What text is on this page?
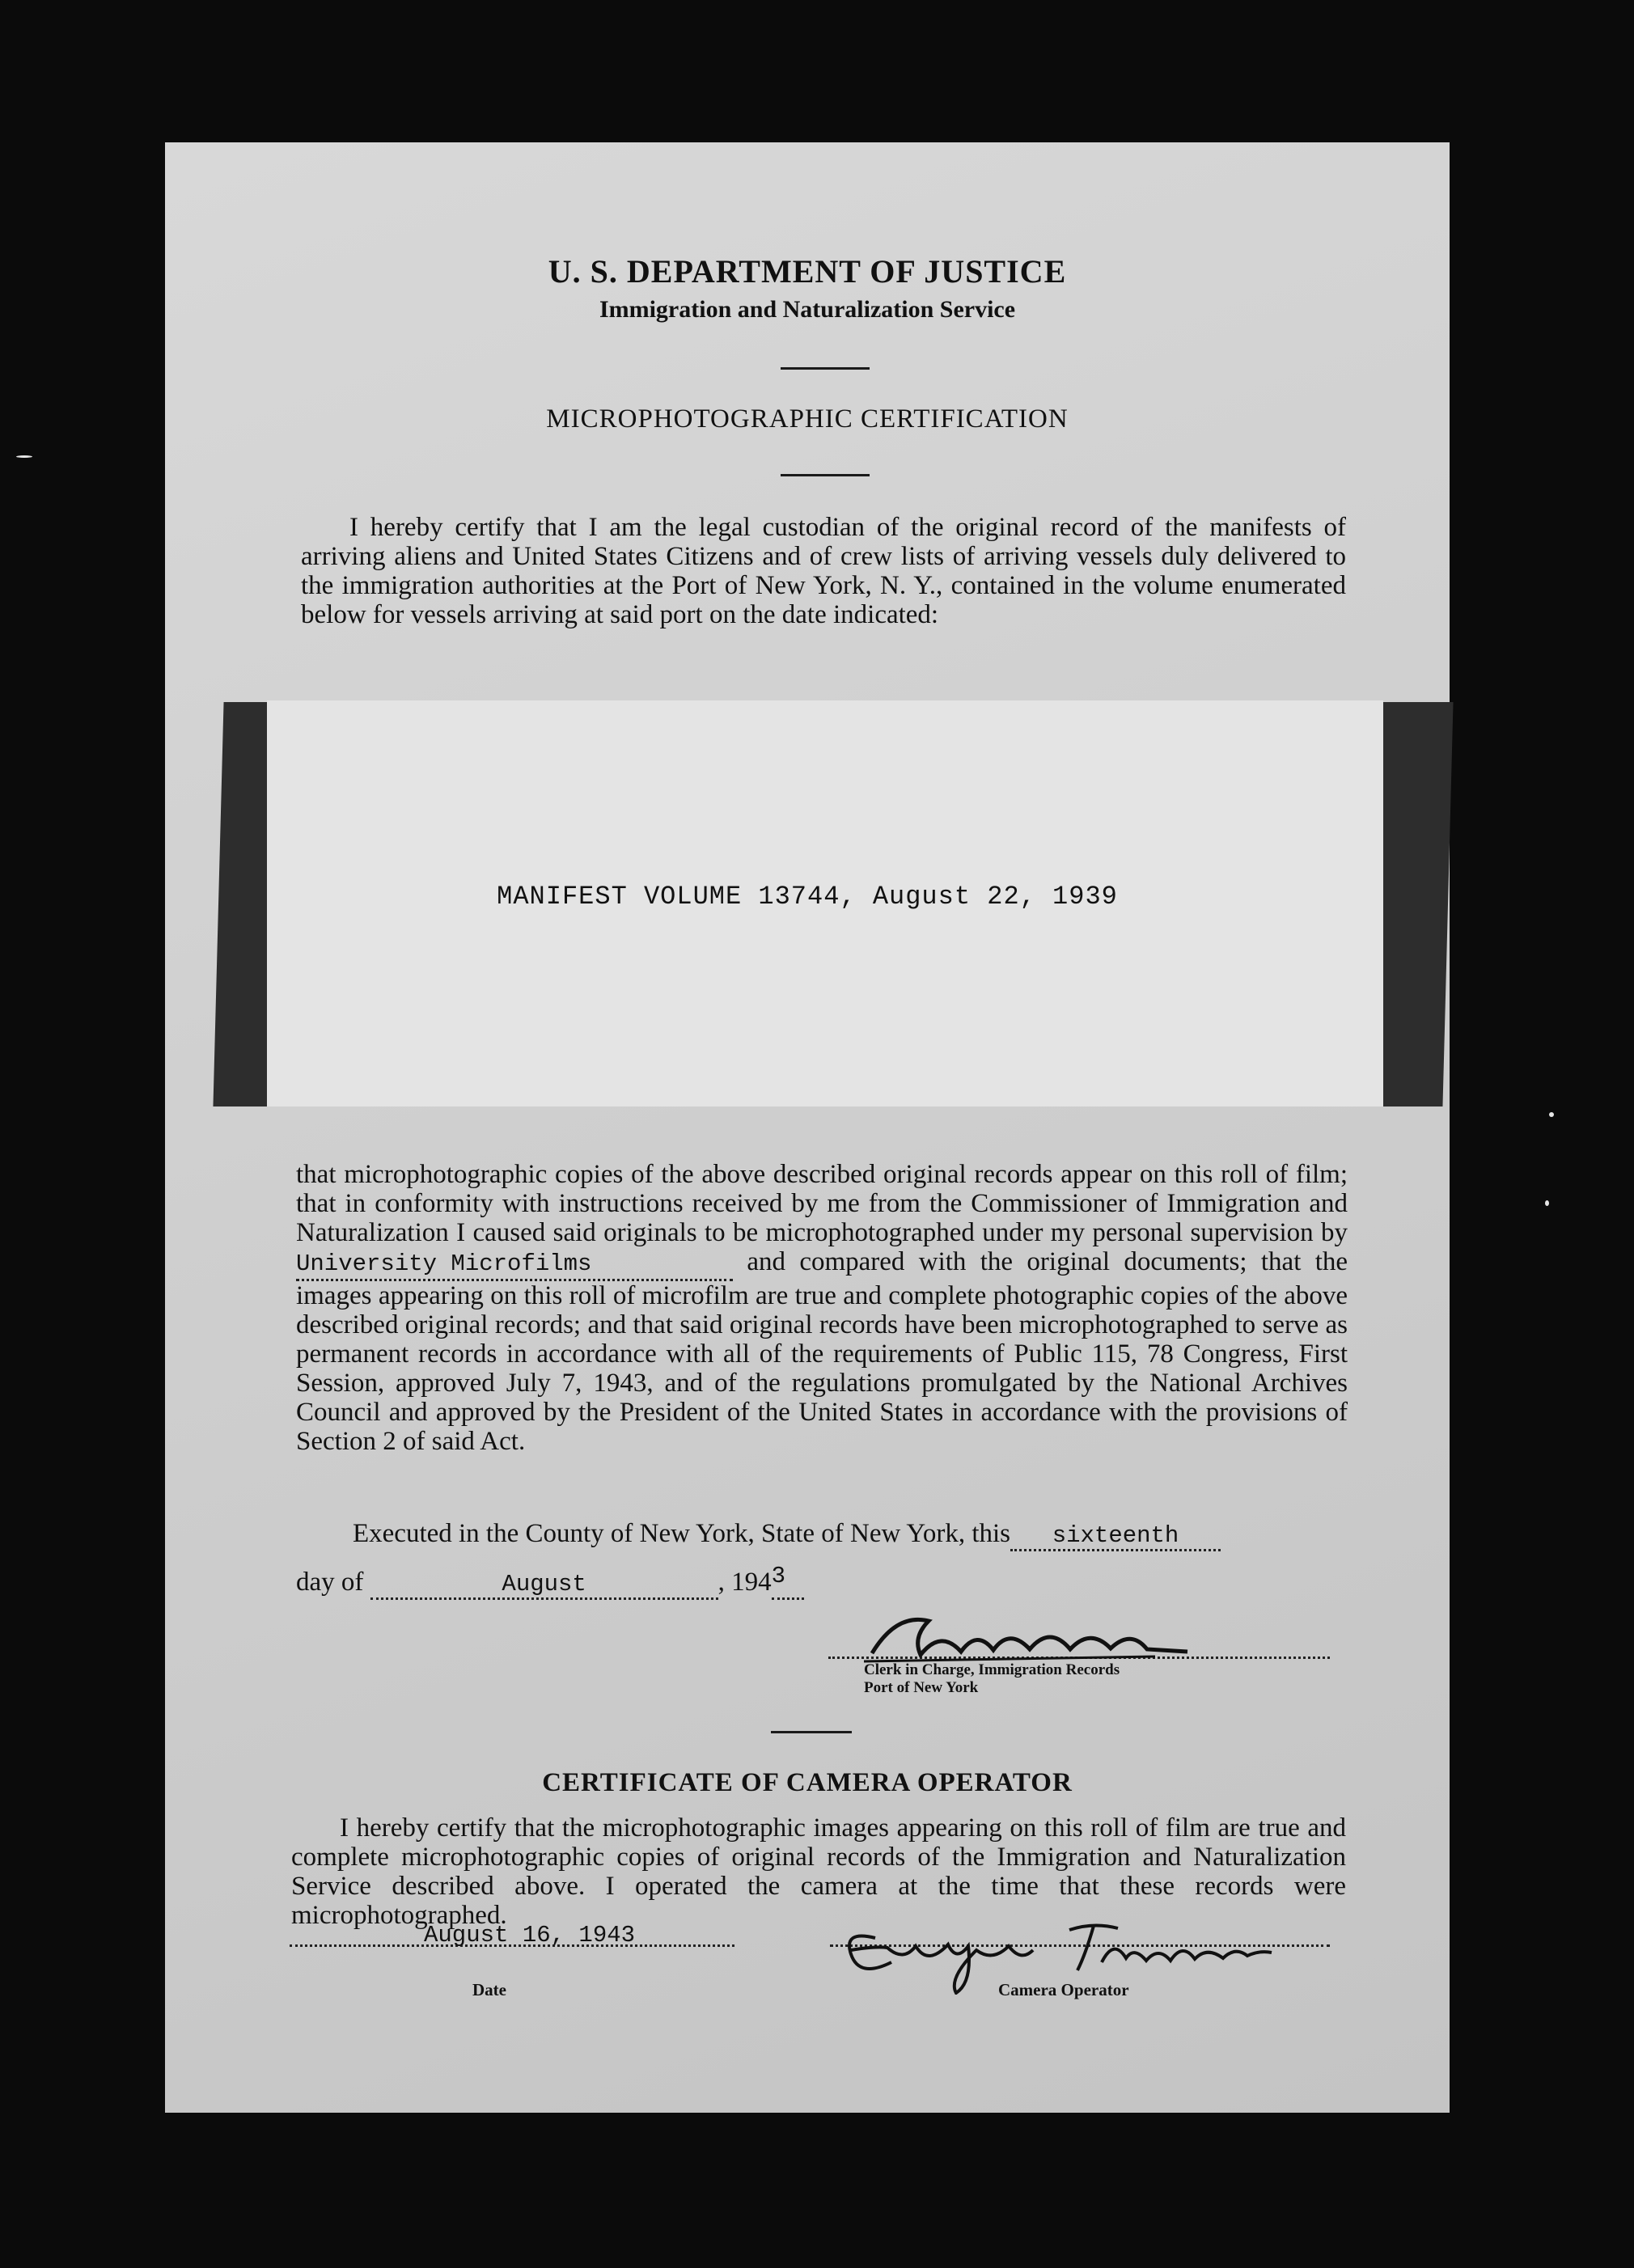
U. S. DEPARTMENT OF JUSTICE
Immigration and Naturalization Service
MICROPHOTOGRAPHIC CERTIFICATION
I hereby certify that I am the legal custodian of the original record of the manifests of arriving aliens and United States Citizens and of crew lists of arriving vessels duly delivered to the immigration authorities at the Port of New York, N. Y., contained in the volume enumerated below for vessels arriving at said port on the date indicated:
MANIFEST VOLUME 13744, August 22, 1939
that microphotographic copies of the above described original records appear on this roll of film; that in conformity with instructions received by me from the Commissioner of Immigration and Naturalization I caused said originals to be microphotographed under my personal supervision by University Microfilms	and compared with the original documents; that the images appearing on this roll of microfilm are true and complete photographic copies of the above described original records; and that said original records have been microphotographed to serve as permanent records in accordance with all of the requirements of Public 115, 78 Congress, First Session, approved July 7, 1943, and of the regulations promulgated by the National Archives Council and approved by the President of the United States in accordance with the provisions of Section 2 of said Act.
Executed in the County of New York, State of New York, this sixteenth
day of	August	, 1943
Clerk in Charge, Immigration Records
Port of New York
CERTIFICATE OF CAMERA OPERATOR
I hereby certify that the microphotographic images appearing on this roll of film are true and complete microphotographic copies of original records of the Immigration and Naturalization Service described above. I operated the camera at the time that these records were microphotographed.
August 16, 1943
Date	Camera Operator
